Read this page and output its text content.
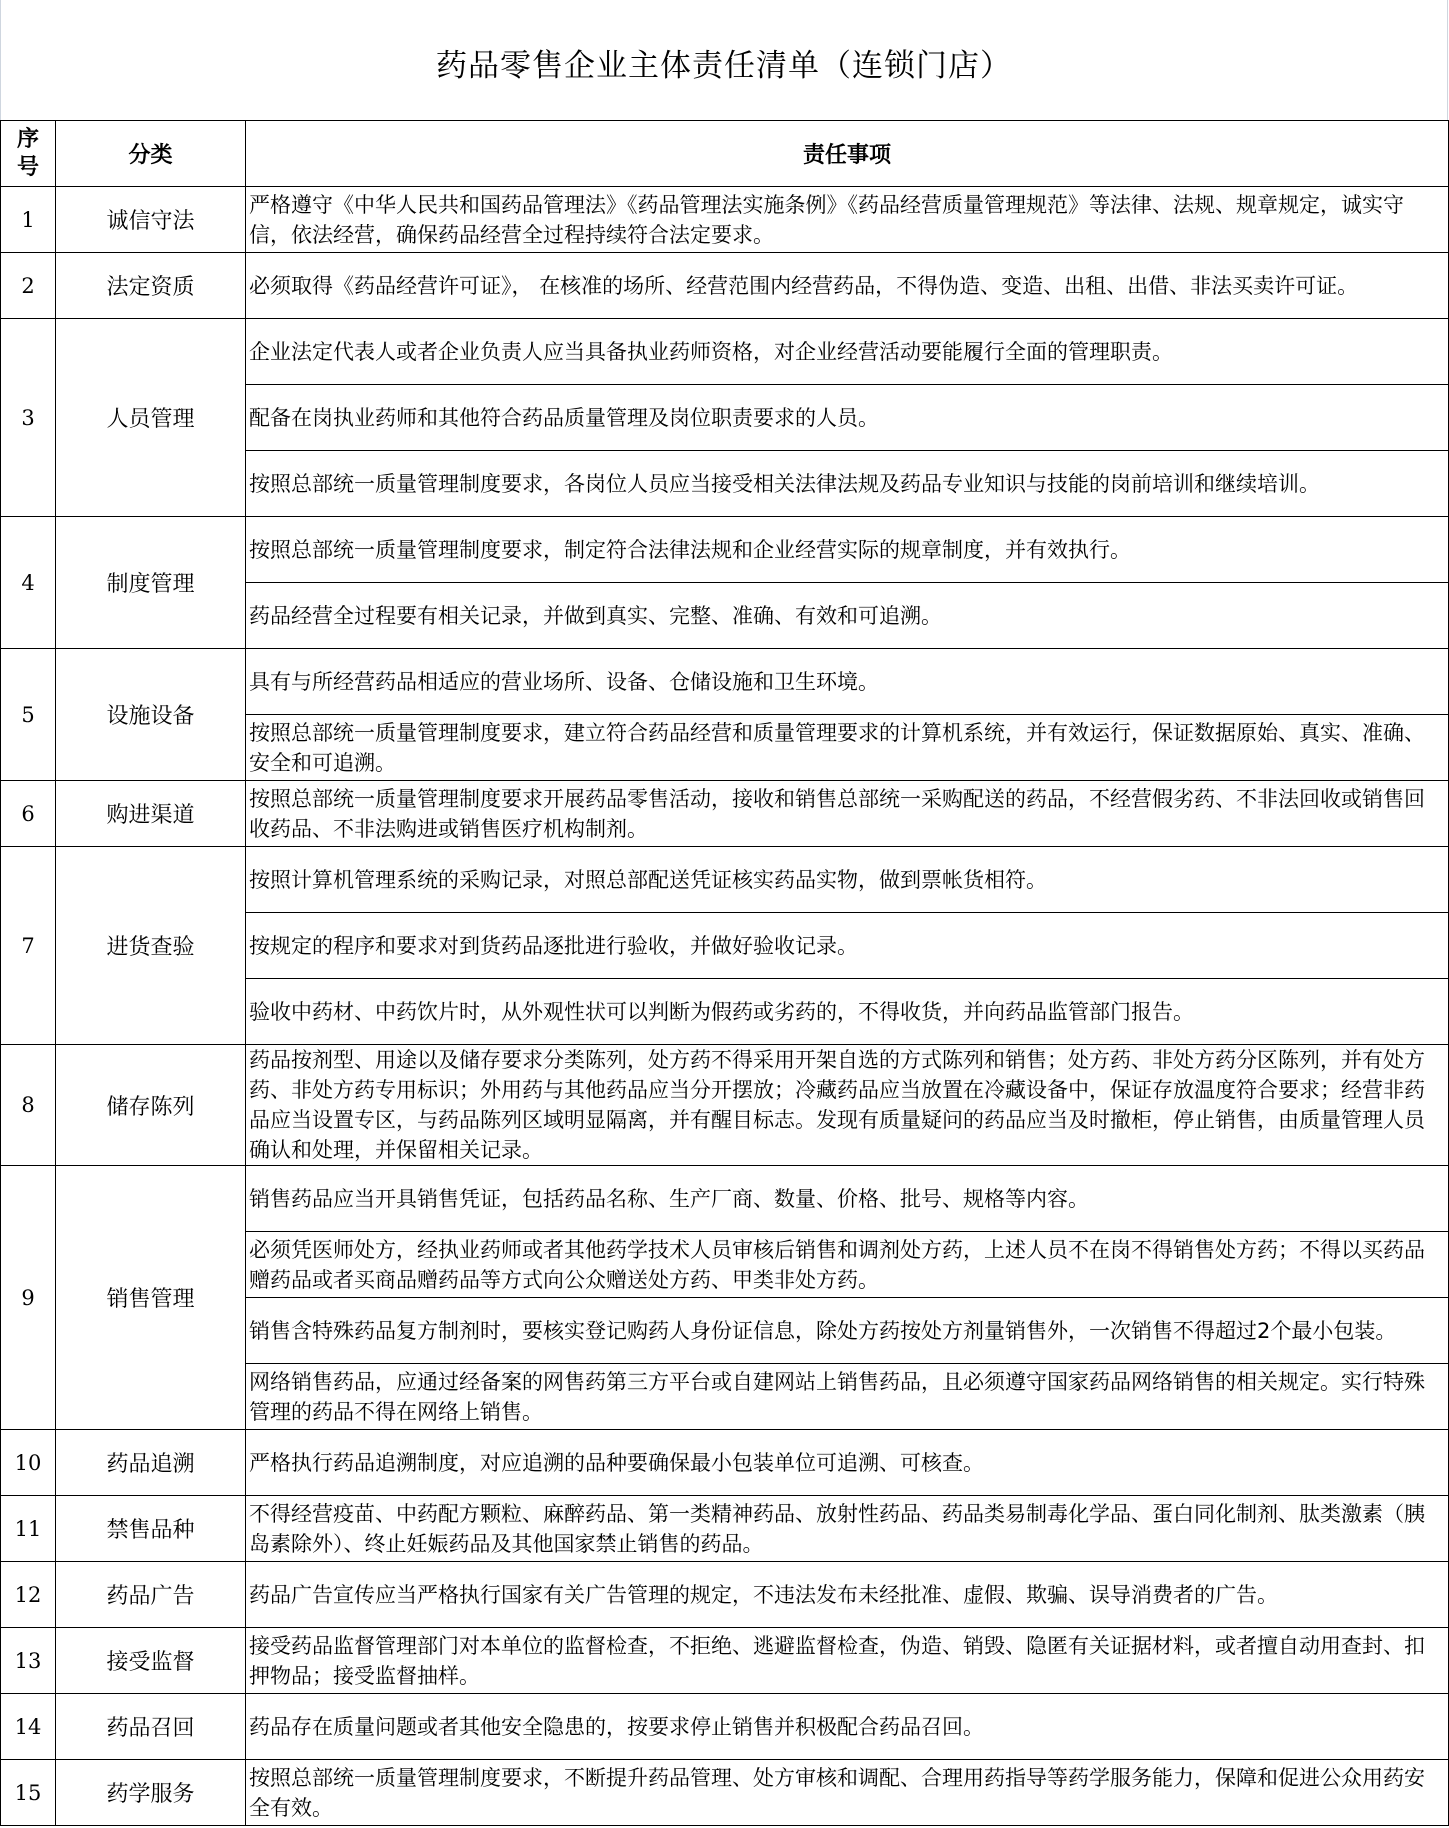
药品零售企业主体责任清单（连锁门店）
序
号	分类	责任事项
1	诚信守法	严格遵守《中华人民共和国药品管理法》《药品管理法实施条例》《药品经营质量管理规范》等法律、法规、规章规定，诚实守信，依法经营，确保药品经营全过程持续符合法定要求。
2	法定资质	必须取得《药品经营许可证》， 在核准的场所、经营范围内经营药品，不得伪造、变造、出租、出借、非法买卖许可证。
3	人员管理	企业法定代表人或者企业负责人应当具备执业药师资格，对企业经营活动要能履行全面的管理职责。
		配备在岗执业药师和其他符合药品质量管理及岗位职责要求的人员。
		按照总部统一质量管理制度要求，各岗位人员应当接受相关法律法规及药品专业知识与技能的岗前培训和继续培训。
4	制度管理	按照总部统一质量管理制度要求，制定符合法律法规和企业经营实际的规章制度，并有效执行。
		药品经营全过程要有相关记录，并做到真实、完整、准确、有效和可追溯。
5	设施设备	具有与所经营药品相适应的营业场所、设备、仓储设施和卫生环境。
		按照总部统一质量管理制度要求，建立符合药品经营和质量管理要求的计算机系统，并有效运行，保证数据原始、真实、准确、安全和可追溯。
6	购进渠道	按照总部统一质量管理制度要求开展药品零售活动，接收和销售总部统一采购配送的药品，不经营假劣药、不非法回收或销售回收药品、不非法购进或销售医疗机构制剂。
7	进货查验	按照计算机管理系统的采购记录，对照总部配送凭证核实药品实物，做到票帐货相符。
		按规定的程序和要求对到货药品逐批进行验收，并做好验收记录。
		验收中药材、中药饮片时，从外观性状可以判断为假药或劣药的，不得收货，并向药品监管部门报告。
8	储存陈列	药品按剂型、用途以及储存要求分类陈列，处方药不得采用开架自选的方式陈列和销售；处方药、非处方药分区陈列，并有处方药、非处方药专用标识；外用药与其他药品应当分开摆放；冷藏药品应当放置在冷藏设备中，保证存放温度符合要求；经营非药品应当设置专区，与药品陈列区域明显隔离，并有醒目标志。发现有质量疑问的药品应当及时撤柜，停止销售，由质量管理人员确认和处理，并保留相关记录。
9	销售管理	销售药品应当开具销售凭证，包括药品名称、生产厂商、数量、价格、批号、规格等内容。
		必须凭医师处方，经执业药师或者其他药学技术人员审核后销售和调剂处方药，上述人员不在岗不得销售处方药；不得以买药品赠药品或者买商品赠药品等方式向公众赠送处方药、甲类非处方药。
		销售含特殊药品复方制剂时，要核实登记购药人身份证信息，除处方药按处方剂量销售外，一次销售不得超过2个最小包装。
		网络销售药品，应通过经备案的网售药第三方平台或自建网站上销售药品，且必须遵守国家药品网络销售的相关规定。实行特殊管理的药品不得在网络上销售。
10	药品追溯	严格执行药品追溯制度，对应追溯的品种要确保最小包装单位可追溯、可核查。
11	禁售品种	不得经营疫苗、中药配方颗粒、麻醉药品、第一类精神药品、放射性药品、药品类易制毒化学品、蛋白同化制剂、肽类激素（胰岛素除外）、终止妊娠药品及其他国家禁止销售的药品。
12	药品广告	药品广告宣传应当严格执行国家有关广告管理的规定，不违法发布未经批准、虚假、欺骗、误导消费者的广告。
13	接受监督	接受药品监督管理部门对本单位的监督检查，不拒绝、逃避监督检查，伪造、销毁、隐匿有关证据材料，或者擅自动用查封、扣押物品；接受监督抽样。
14	药品召回	药品存在质量问题或者其他安全隐患的，按要求停止销售并积极配合药品召回。
15	药学服务	按照总部统一质量管理制度要求，不断提升药品管理、处方审核和调配、合理用药指导等药学服务能力，保障和促进公众用药安全有效。
